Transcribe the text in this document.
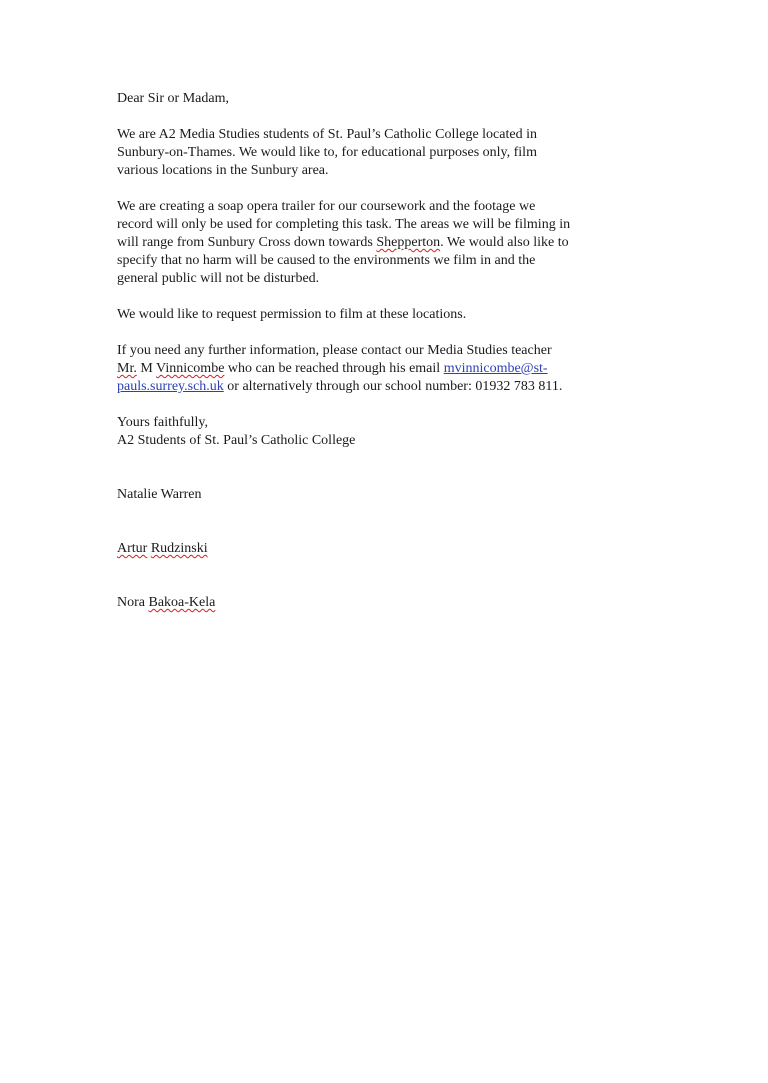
Dear Sir or Madam,

We are A2 Media Studies students of St. Paul’s Catholic College located in
Sunbury-on-Thames. We would like to, for educational purposes only, film
various locations in the Sunbury area.

We are creating a soap opera trailer for our coursework and the footage we
record will only be used for completing this task. The areas we will be filming in
will range from Sunbury Cross down towards Shepperton. We would also like to
specify that no harm will be caused to the environments we film in and the
general public will not be disturbed.

We would like to request permission to film at these locations.

If you need any further information, please contact our Media Studies teacher
Mr. M Vinnicombe who can be reached through his email mvinnicombe@st-
pauls.surrey.sch.uk or alternatively through our school number: 01932 783 811.

Yours faithfully,
A2 Students of St. Paul’s Catholic College

Natalie Warren

Artur Rudzinski

Nora Bakoa-Kela
